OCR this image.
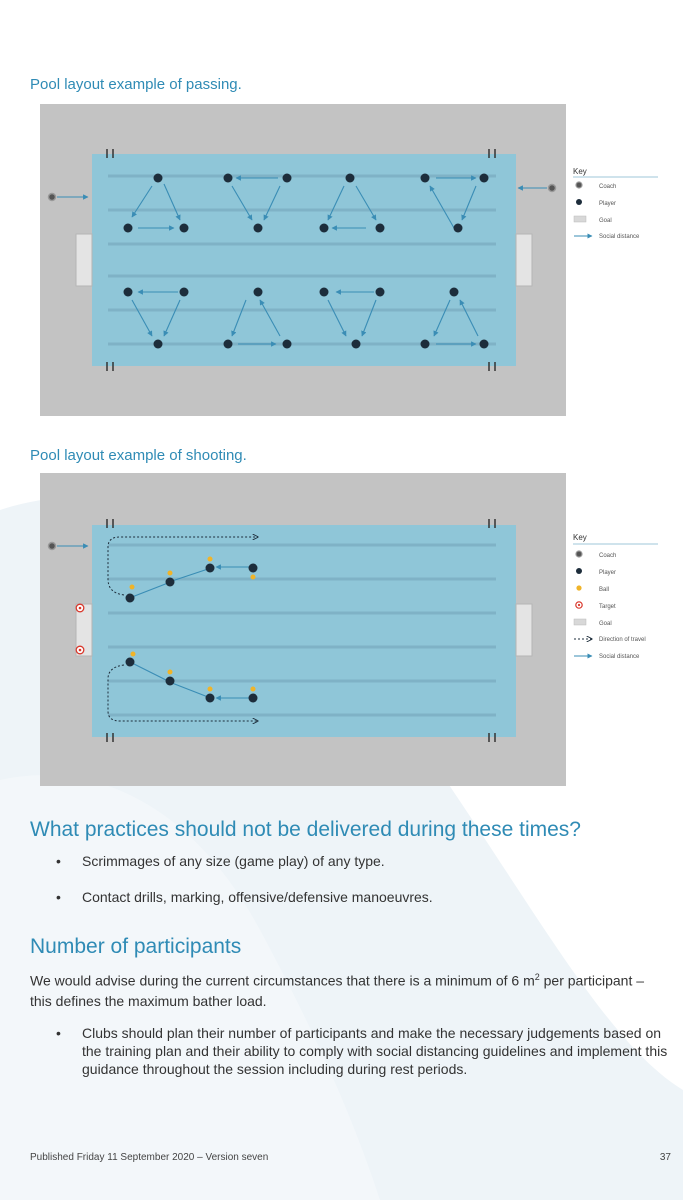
Pool layout example of passing.
Key
Coach
Player
Goal
Social distance
Pool layout example of shooting.
Key
Coach
Player
Ball
Target
Goal
Direction of travel
Social distance
What practices should not be delivered during these times?
• Scrimmages of any size (game play) of any type.
• Contact drills, marking, offensive/defensive manoeuvres.
Number of participants

We would advise during the current circumstances that there is a minimum of 6 $m^2$ per participant – this defines the maximum bather load.

• Clubs should plan their number of participants and make the necessary judgements based on the training plan and their ability to comply with social distancing guidelines and implement this guidance throughout the session including during rest periods.
Published Friday 11 September 2020 – Version seven	37
